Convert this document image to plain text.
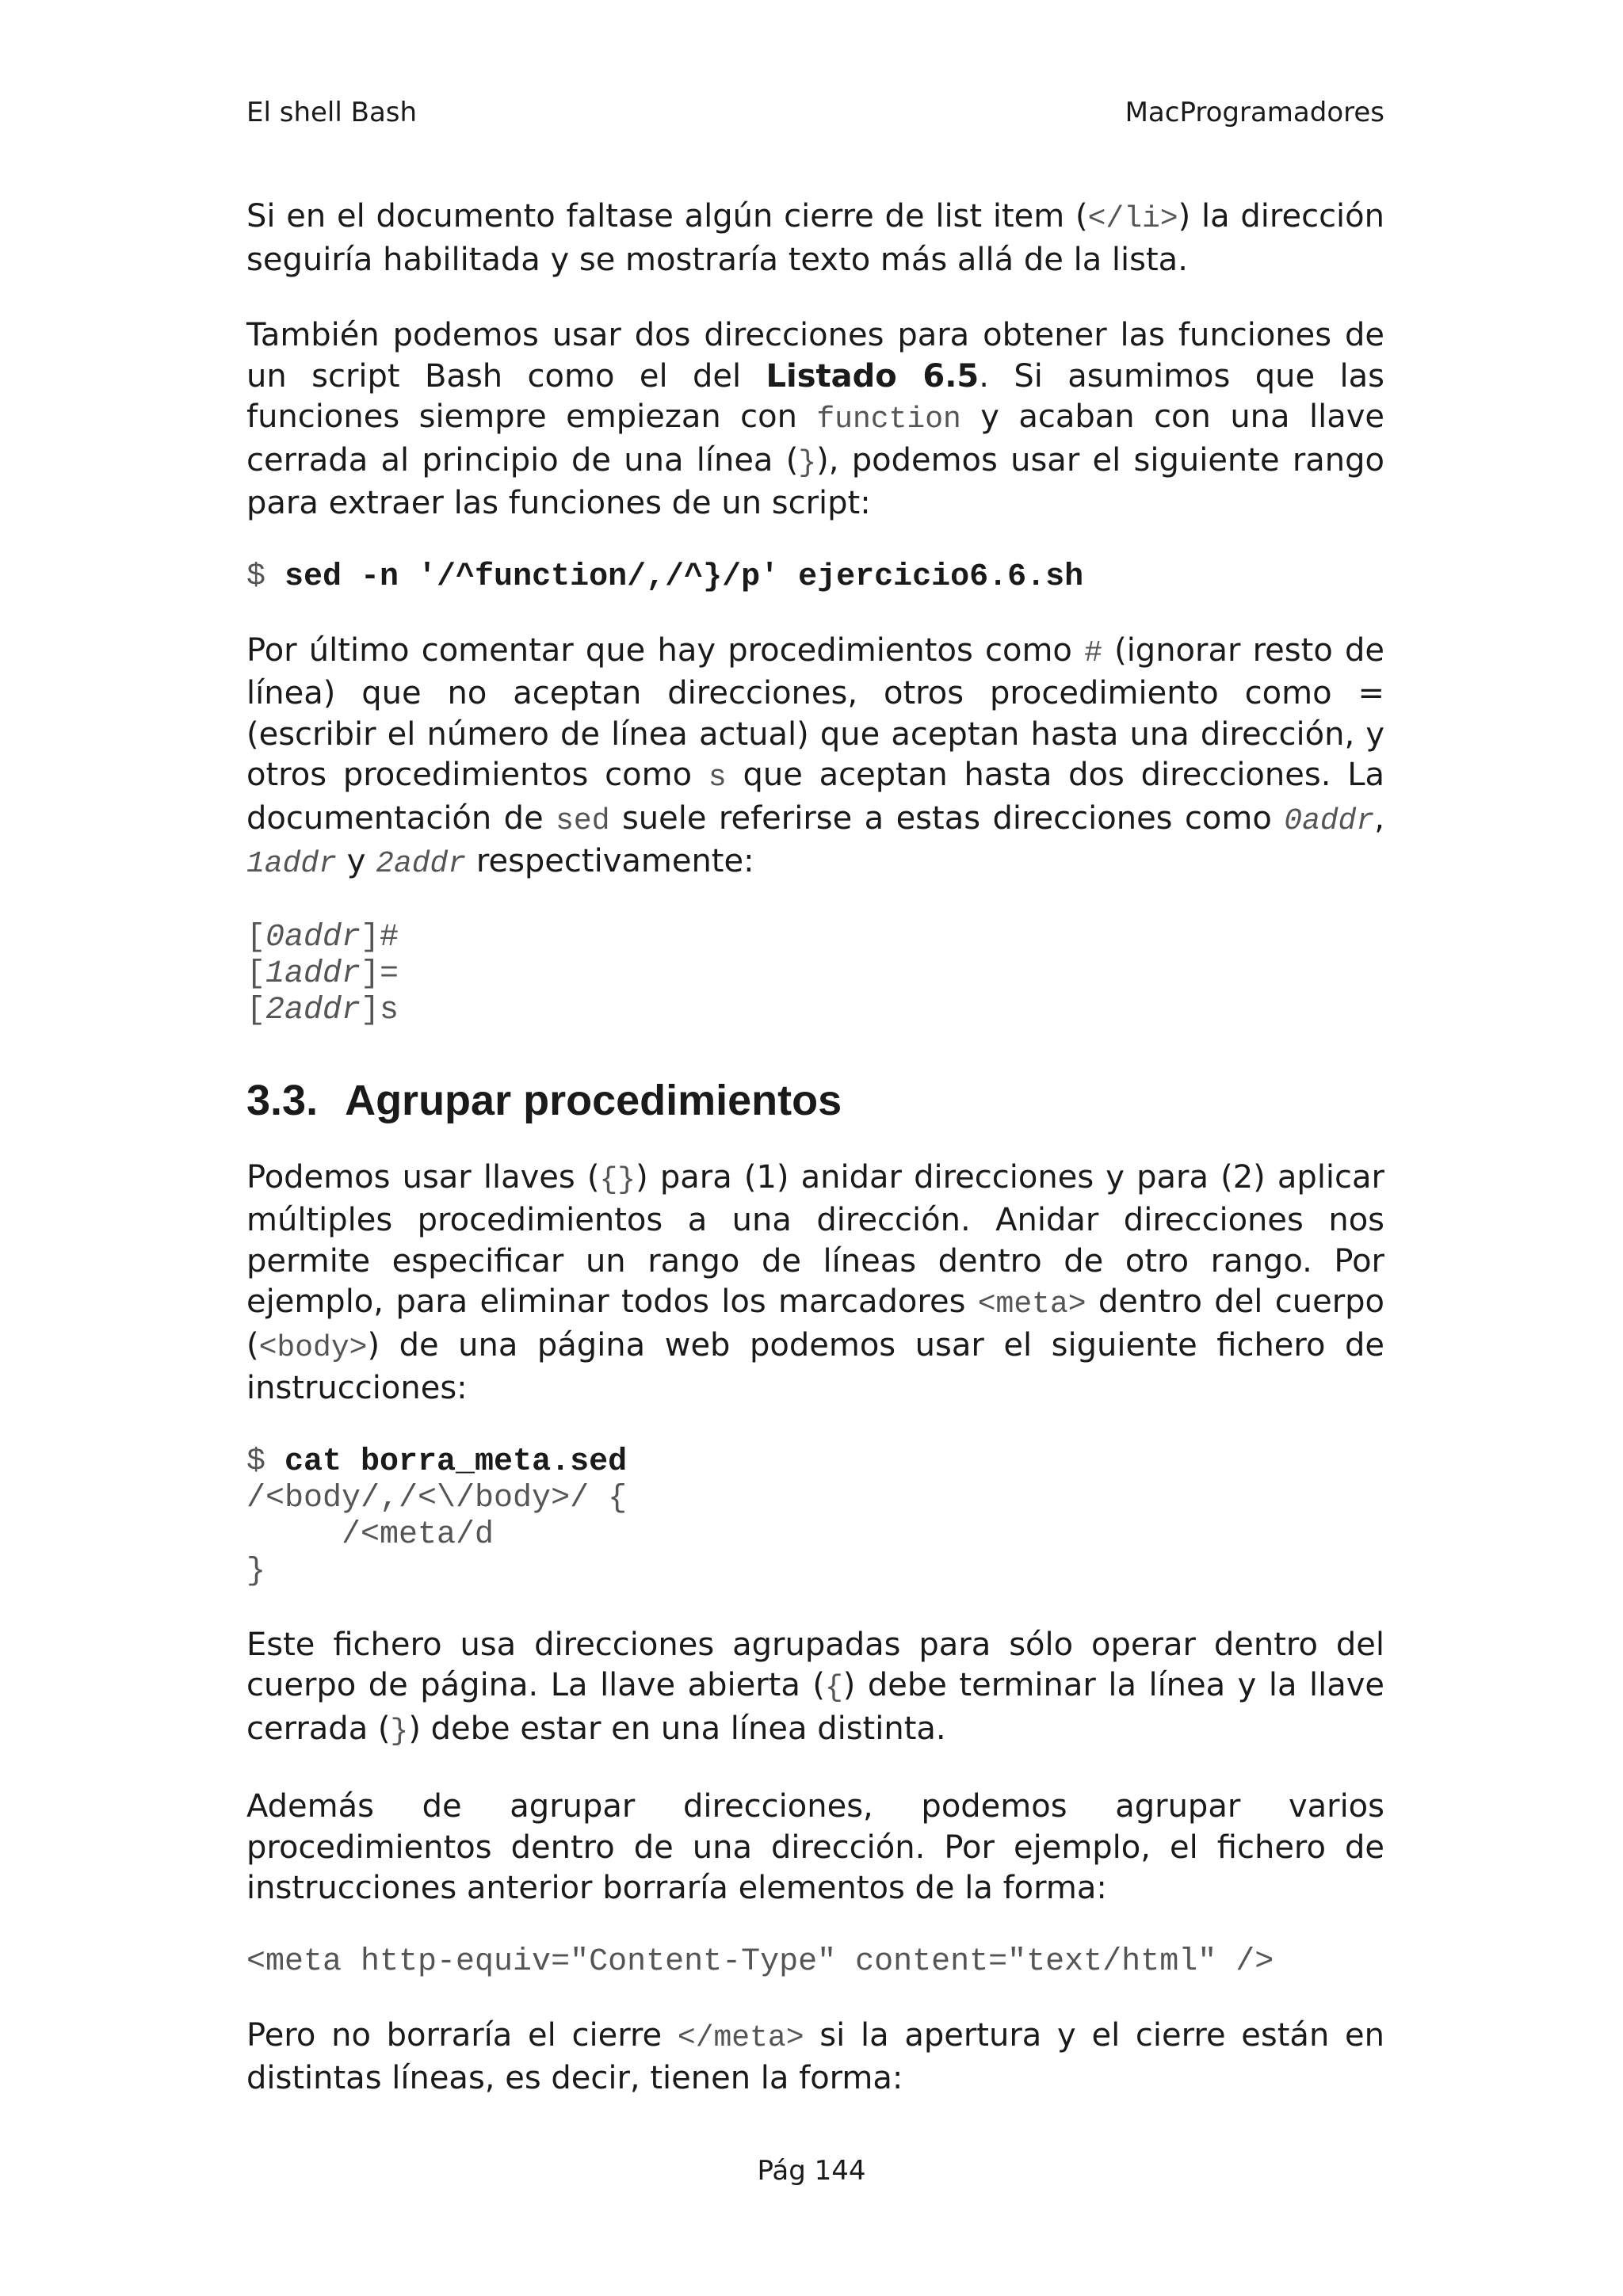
El shell Bash	MacProgramadores

Si en el documento faltase algún cierre de list item (</li>) la dirección seguiría habilitada y se mostraría texto más allá de la lista.

También podemos usar dos direcciones para obtener las funciones de un script Bash como el del Listado 6.5. Si asumimos que las funciones siempre empiezan con function y acaban con una llave cerrada al principio de una línea (}), podemos usar el siguiente rango para extraer las funciones de un script:

$ sed -n '/^function/,/^}/p' ejercicio6.6.sh

Por último comentar que hay procedimientos como # (ignorar resto de línea) que no aceptan direcciones, otros procedimiento como = (escribir el número de línea actual) que aceptan hasta una dirección, y otros procedimientos como s que aceptan hasta dos direcciones. La documentación de sed suele referirse a estas direcciones como 0addr, 1addr y 2addr respectivamente:

[0addr]#
[1addr]=
[2addr]s
3.3. Agrupar procedimientos

Podemos usar llaves ({}) para (1) anidar direcciones y para (2) aplicar múltiples procedimientos a una dirección. Anidar direcciones nos permite especificar un rango de líneas dentro de otro rango. Por ejemplo, para eliminar todos los marcadores <meta> dentro del cuerpo (<body>) de una página web podemos usar el siguiente fichero de instrucciones:

$ cat borra_meta.sed
/<body/,/<\/body>/ {
/<meta/d
}

Este fichero usa direcciones agrupadas para sólo operar dentro del cuerpo de página. La llave abierta ({) debe terminar la línea y la llave cerrada (}) debe estar en una línea distinta.

Además de agrupar direcciones, podemos agrupar varios procedimientos dentro de una dirección. Por ejemplo, el fichero de instrucciones anterior borraría elementos de la forma:

<meta http-equiv="Content-Type" content="text/html" />

Pero no borraría el cierre </meta> si la apertura y el cierre están en distintas líneas, es decir, tienen la forma:

Pág 144
